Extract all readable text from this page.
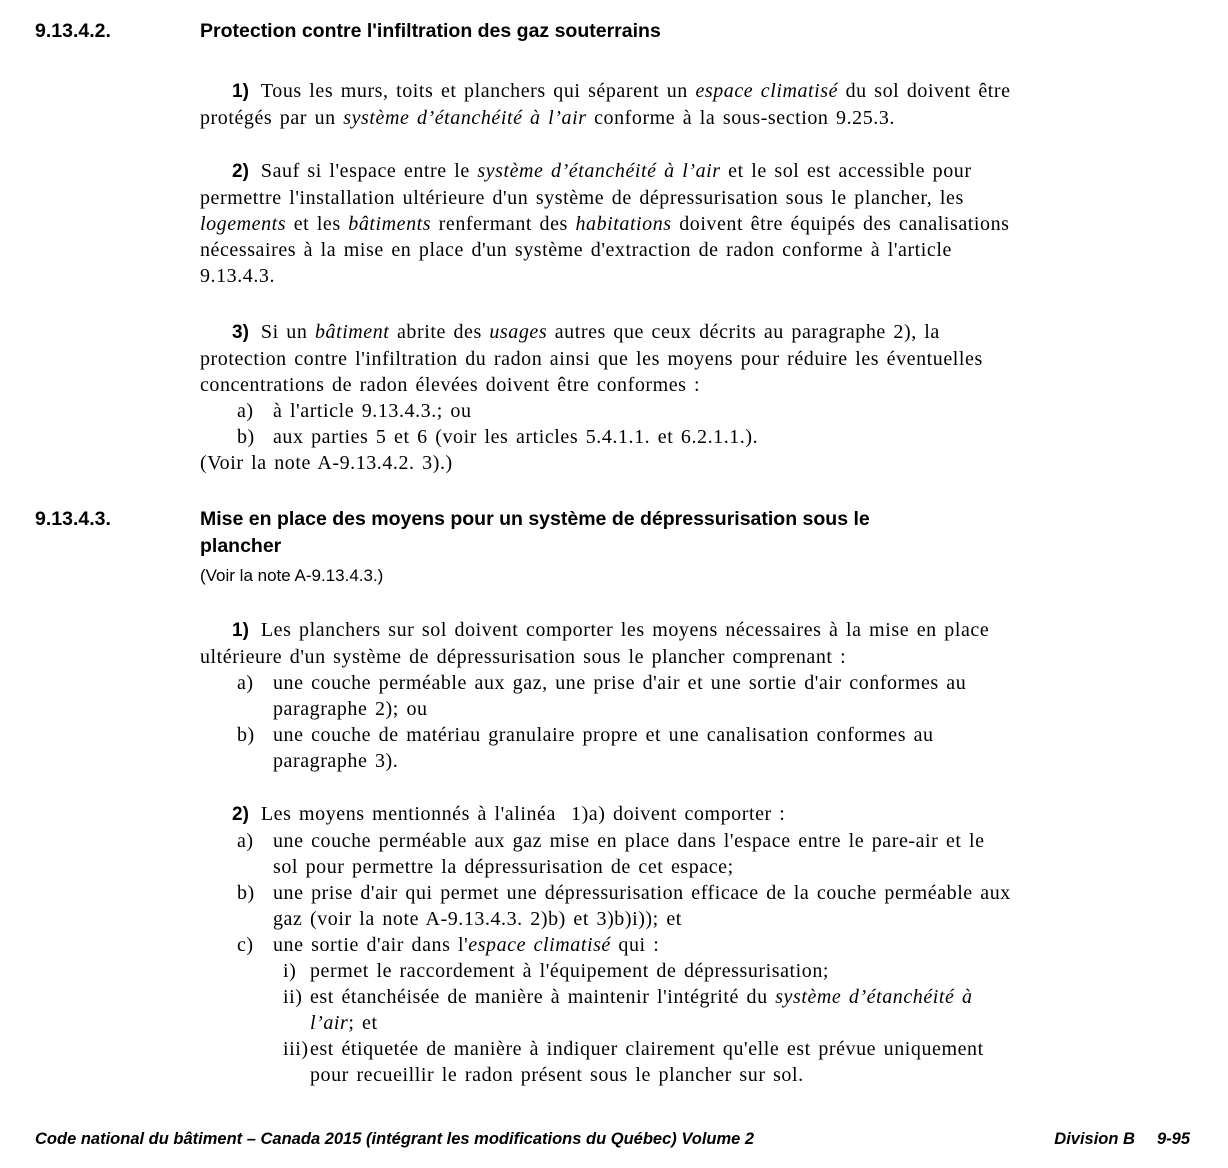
9.13.4.2.	Protection contre l'infiltration des gaz souterrains

1) Tous les murs, toits et planchers qui séparent un espace climatisé du sol doivent être protégés par un système d’étanchéité à l’air conforme à la sous-section 9.25.3.

2) Sauf si l'espace entre le système d’étanchéité à l’air et le sol est accessible pour permettre l'installation ultérieure d'un système de dépressurisation sous le plancher, les logements et les bâtiments renfermant des habitations doivent être équipés des canalisations nécessaires à la mise en place d'un système d'extraction de radon conforme à l'article 9.13.4.3.

3) Si un bâtiment abrite des usages autres que ceux décrits au paragraphe 2), la protection contre l'infiltration du radon ainsi que les moyens pour réduire les éventuelles concentrations de radon élevées doivent être conformes :

a) à l'article 9.13.4.3.; ou
b) aux parties 5 et 6 (voir les articles 5.4.1.1. et 6.2.1.1.).

(Voir la note A-9.13.4.2. 3).)

9.13.4.3.	Mise en place des moyens pour un système de dépressurisation sous le plancher

(Voir la note A-9.13.4.3.)

1) Les planchers sur sol doivent comporter les moyens nécessaires à la mise en place ultérieure d'un système de dépressurisation sous le plancher comprenant :

a) une couche perméable aux gaz, une prise d'air et une sortie d'air conformes au paragraphe 2); ou
b) une couche de matériau granulaire propre et une canalisation conformes au paragraphe 3).

2) Les moyens mentionnés à l'alinéa  1)a) doivent comporter :

a) une couche perméable aux gaz mise en place dans l'espace entre le pare-air et le sol pour permettre la dépressurisation de cet espace;
b) une prise d'air qui permet une dépressurisation efficace de la couche perméable aux gaz (voir la note A-9.13.4.3. 2)b) et 3)b)i)); et
c) une sortie d'air dans l'espace climatisé qui :
i) permet le raccordement à l'équipement de dépressurisation;
ii) est étanchéisée de manière à maintenir l'intégrité du système d’étanchéité à l’air; et
iii) est étiquetée de manière à indiquer clairement qu'elle est prévue uniquement pour recueillir le radon présent sous le plancher sur sol.
Code national du bâtiment – Canada 2015 (intégrant les modifications du Québec) Volume 2	Division B 9-95
